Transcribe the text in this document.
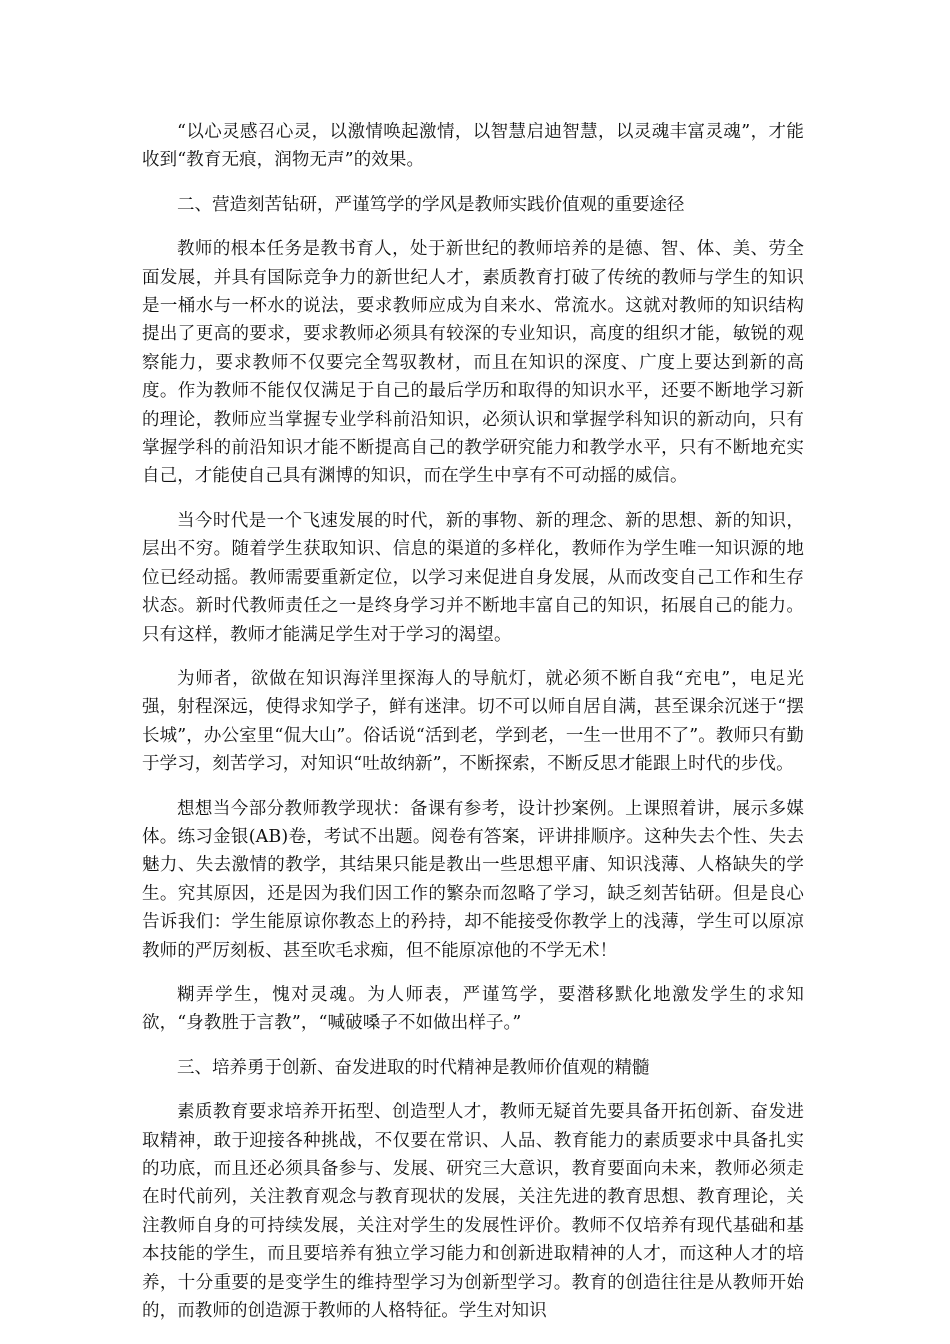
“以心灵感召心灵，以激情唤起激情，以智慧启迪智慧，以灵魂丰富灵魂”，才能收到“教育无痕，润物无声”的效果。

二、营造刻苦钻研，严谨笃学的学风是教师实践价值观的重要途径

教师的根本任务是教书育人，处于新世纪的教师培养的是德、智、体、美、劳全面发展，并具有国际竞争力的新世纪人才，素质教育打破了传统的教师与学生的知识是一桶水与一杯水的说法，要求教师应成为自来水、常流水。这就对教师的知识结构提出了更高的要求，要求教师必须具有较深的专业知识，高度的组织才能，敏锐的观察能力，要求教师不仅要完全驾驭教材，而且在知识的深度、广度上要达到新的高度。作为教师不能仅仅满足于自己的最后学历和取得的知识水平，还要不断地学习新的理论，教师应当掌握专业学科前沿知识，必须认识和掌握学科知识的新动向，只有掌握学科的前沿知识才能不断提高自己的教学研究能力和教学水平，只有不断地充实自己，才能使自己具有渊博的知识，而在学生中享有不可动摇的威信。

当今时代是一个飞速发展的时代，新的事物、新的理念、新的思想、新的知识，层出不穷。随着学生获取知识、信息的渠道的多样化，教师作为学生唯一知识源的地位已经动摇。教师需要重新定位，以学习来促进自身发展，从而改变自己工作和生存状态。新时代教师责任之一是终身学习并不断地丰富自己的知识，拓展自己的能力。只有这样，教师才能满足学生对于学习的渴望。

为师者，欲做在知识海洋里探海人的导航灯，就必须不断自我“充电”，电足光强，射程深远，使得求知学子，鲜有迷津。切不可以师自居自满，甚至课余沉迷于“摆长城”，办公室里“侃大山”。俗话说“活到老，学到老，一生一世用不了”。教师只有勤于学习，刻苦学习，对知识“吐故纳新”，不断探索，不断反思才能跟上时代的步伐。

想想当今部分教师教学现状：备课有参考，设计抄案例。上课照着讲，展示多媒体。练习金银(AB)卷，考试不出题。阅卷有答案，评讲排顺序。这种失去个性、失去魅力、失去激情的教学，其结果只能是教出一些思想平庸、知识浅薄、人格缺失的学生。究其原因，还是因为我们因工作的繁杂而忽略了学习，缺乏刻苦钻研。但是良心告诉我们：学生能原谅你教态上的矜持，却不能接受你教学上的浅薄，学生可以原凉教师的严厉刻板、甚至吹毛求痴，但不能原凉他的不学无术！

糊弄学生，愧对灵魂。为人师表，严谨笃学，要潜移默化地激发学生的求知欲，“身教胜于言教”，“喊破嗓子不如做出样子。”

三、培养勇于创新、奋发进取的时代精神是教师价值观的精髓

素质教育要求培养开拓型、创造型人才，教师无疑首先要具备开拓创新、奋发进取精神，敢于迎接各种挑战，不仅要在常识、人品、教育能力的素质要求中具备扎实的功底，而且还必须具备参与、发展、研究三大意识，教育要面向未来，教师必须走在时代前列，关注教育观念与教育现状的发展，关注先进的教育思想、教育理论，关注教师自身的可持续发展，关注对学生的发展性评价。教师不仅培养有现代基础和基本技能的学生，而且要培养有独立学习能力和创新进取精神的人才，而这种人才的培养，十分重要的是变学生的维持型学习为创新型学习。教育的创造往往是从教师开始的，而教师的创造源于教师的人格特征。学生对知识
